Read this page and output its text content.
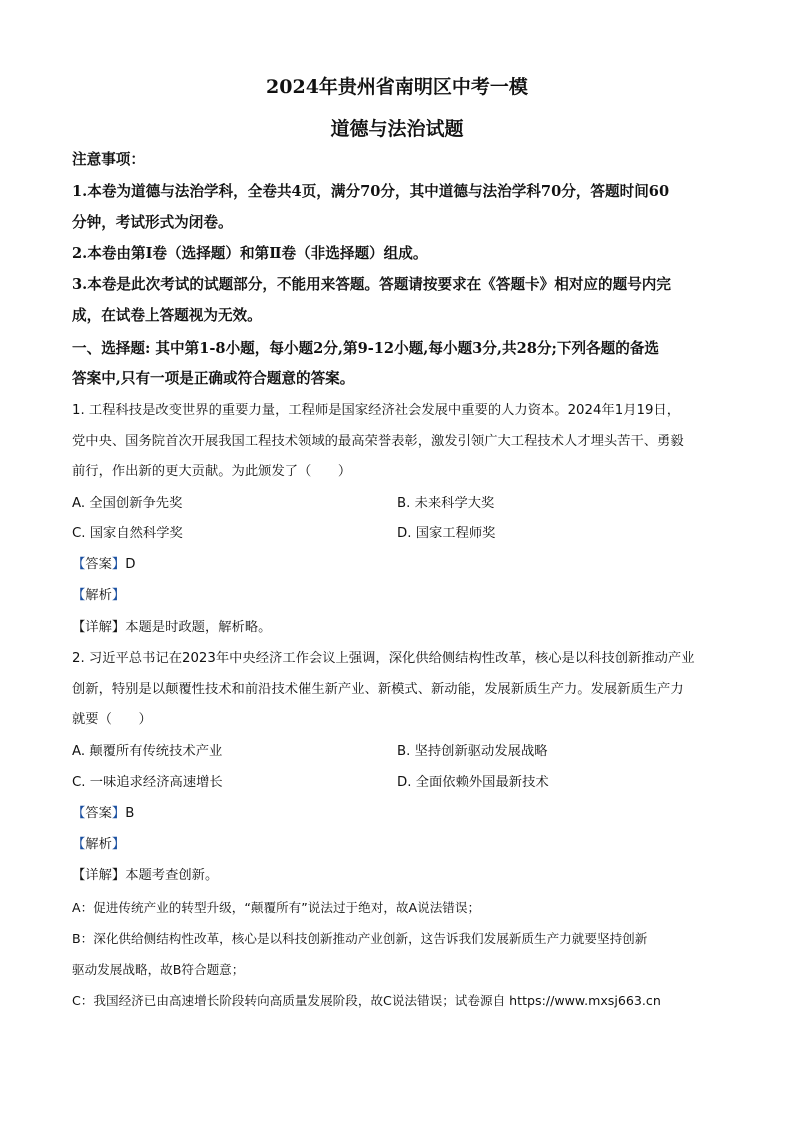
2024年贵州省南明区中考一模
道德与法治试题
注意事项：
1.本卷为道德与法治学科，全卷共4页，满分70分，其中道德与法治学科70分，答题时间60
分钟，考试形式为闭卷。
2.本卷由第Ⅰ卷（选择题）和第Ⅱ卷（非选择题）组成。
3.本卷是此次考试的试题部分，不能用来答题。答题请按要求在《答题卡》相对应的题号内完
成，在试卷上答题视为无效。
一、选择题: 其中第1-8小题，每小题2分,第9-12小题,每小题3分,共28分;下列各题的备选
答案中,只有一项是正确或符合题意的答案。
1. 工程科技是改变世界的重要力量，工程师是国家经济社会发展中重要的人力资本。2024年1月19日，
党中央、国务院首次开展我国工程技术领域的最高荣誉表彰，激发引领广大工程技术人才埋头苦干、勇毅
前行，作出新的更大贡献。为此颁发了（　　）
A. 全国创新争先奖	B. 未来科学大奖
C. 国家自然科学奖	D. 国家工程师奖
【答案】D
【解析】
【详解】本题是时政题，解析略。
2. 习近平总书记在2023年中央经济工作会议上强调，深化供给侧结构性改革，核心是以科技创新推动产业
创新，特别是以颠覆性技术和前沿技术催生新产业、新模式、新动能，发展新质生产力。发展新质生产力
就要（　　）
A. 颠覆所有传统技术产业	B. 坚持创新驱动发展战略
C. 一味追求经济高速增长	D. 全面依赖外国最新技术
【答案】B
【解析】
【详解】本题考查创新。
A：促进传统产业的转型升级，“颠覆所有”说法过于绝对，故A说法错误；
B：深化供给侧结构性改革，核心是以科技创新推动产业创新，这告诉我们发展新质生产力就要坚持创新
驱动发展战略，故B符合题意；
C：我国经济已由高速增长阶段转向高质量发展阶段，故C说法错误；试卷源自 https://www.mxsj663.cn
